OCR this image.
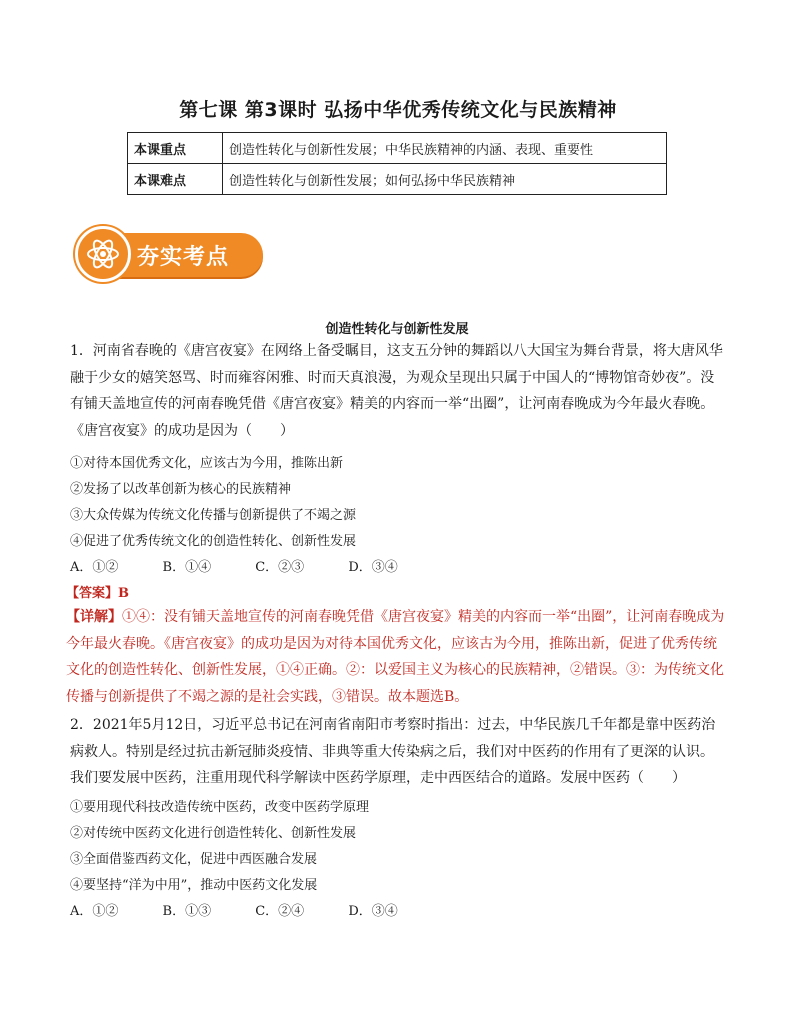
第七课 第3课时 弘扬中华优秀传统文化与民族精神
本课重点	创造性转化与创新性发展；中华民族精神的内涵、表现、重要性
本课难点	创造性转化与创新性发展；如何弘扬中华民族精神
夯实考点
创造性转化与创新性发展
1．河南省春晚的《唐宫夜宴》在网络上备受瞩目，这支五分钟的舞蹈以八大国宝为舞台背景，将大唐风华融于少女的嬉笑怒骂、时而雍容闲雅、时而天真浪漫，为观众呈现出只属于中国人的“博物馆奇妙夜”。没有铺天盖地宣传的河南春晚凭借《唐宫夜宴》精美的内容而一举“出圈”，让河南春晚成为今年最火春晚。《唐宫夜宴》的成功是因为（　　）
①对待本国优秀文化，应该古为今用，推陈出新
②发扬了以改革创新为核心的民族精神
③大众传媒为传统文化传播与创新提供了不竭之源
④促进了优秀传统文化的创造性转化、创新性发展
A．①②	B．①④	C．②③	D．③④
【答案】B
【详解】①④：没有铺天盖地宣传的河南春晚凭借《唐宫夜宴》精美的内容而一举“出圈”，让河南春晚成为今年最火春晚。《唐宫夜宴》的成功是因为对待本国优秀文化，应该古为今用，推陈出新，促进了优秀传统文化的创造性转化、创新性发展，①④正确。②：以爱国主义为核心的民族精神，②错误。③：为传统文化传播与创新提供了不竭之源的是社会实践，③错误。故本题选B。
2．2021年5月12日，习近平总书记在河南省南阳市考察时指出：过去，中华民族几千年都是靠中医药治病救人。特别是经过抗击新冠肺炎疫情、非典等重大传染病之后，我们对中医药的作用有了更深的认识。我们要发展中医药，注重用现代科学解读中医药学原理，走中西医结合的道路。发展中医药（　　）
①要用现代科技改造传统中医药，改变中医药学原理
②对传统中医药文化进行创造性转化、创新性发展
③全面借鉴西药文化，促进中西医融合发展
④要坚持“洋为中用”，推动中医药文化发展
A．①②	B．①③	C．②④	D．③④
